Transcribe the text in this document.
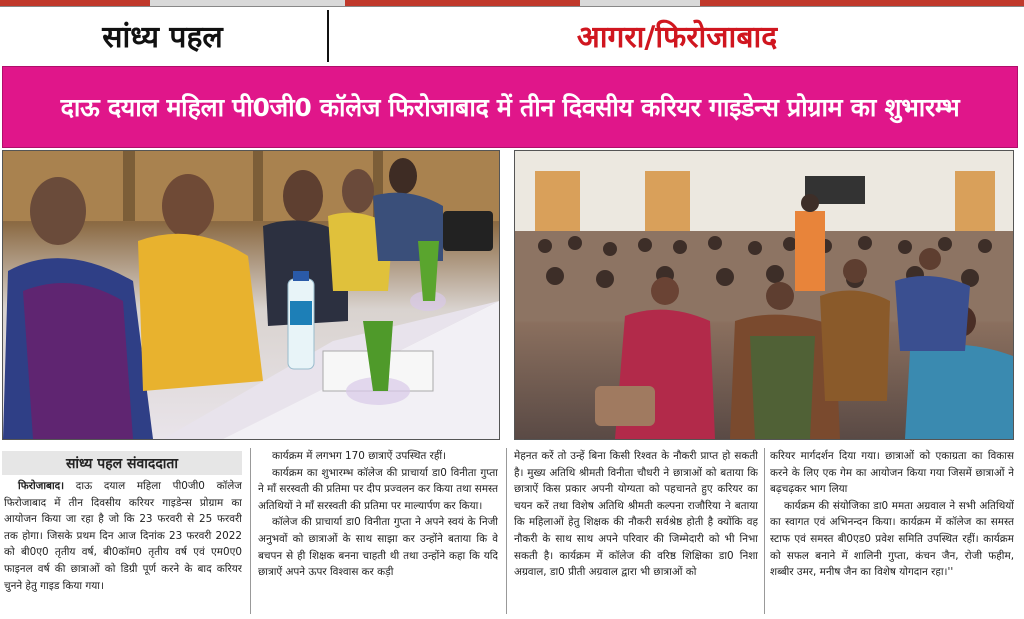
सांध्य पहल	आगरा/फिरोजाबाद
दाऊ दयाल महिला पी0जी0 कॉलेज फिरोजाबाद में तीन दिवसीय करियर गाइडेन्स प्रोग्राम का शुभारम्भ
सांध्य पहल संवाददाता

फिरोजाबाद। दाऊ दयाल महिला पी0जी0 कॉलेज फिरोजाबाद में तीन दिवसीय करियर गाइडेन्स प्रोग्राम का आयोजन किया जा रहा है जो कि 23 फरवरी से 25 फरवरी तक होगा। जिसके प्रथम दिन आज दिनांक 23 फरवरी 2022 को बी0ए0 तृतीय वर्ष, बी0कॉम0 तृतीय वर्ष एवं एम0ए0 फाइनल वर्ष की छात्राओं को डिग्री पूर्ण करने के बाद करियर चुनने हेतु गाइड किया गया।

कार्यक्रम में लगभग 170 छात्राऐं उपस्थित रहीं।

कार्यक्रम का शुभारम्भ कॉलेज की प्राचार्या डा0 विनीता गुप्ता ने माँ सरस्वती की प्रतिमा पर दीप प्रज्वलन कर किया तथा समस्त अतिथियों ने माँ सरस्वती की प्रतिमा पर माल्यार्पण कर किया।

कॉलेज की प्राचार्या डा0 विनीता गुप्ता ने अपने स्वयं के निजी अनुभवों को छात्राओं के साथ साझा कर उन्होंने बताया कि वे बचपन से ही शिक्षक बनना चाहती थी तथा उन्होंने कहा कि यदि छात्राऐं अपने ऊपर विश्वास कर कड़ी

मेहनत करें तो उन्हें बिना किसी रिश्वत के नौकरी प्राप्त हो सकती है। मुख्य अतिथि श्रीमती विनीता चौधरी ने छात्राओं को बताया कि छात्राऐं किस प्रकार अपनी योग्यता को पहचानते हुए करियर का चयन करें तथा विशेष अतिथि श्रीमती कल्पना राजौरिया ने बताया कि महिलाओं हेतु शिक्षक की नौकरी सर्वश्रेष्ठ होती है क्योंकि वह नौकरी के साथ साथ अपने परिवार की जिम्मेदारी को भी निभा सकती है। कार्यक्रम में कॉलेज की वरिष्ठ शिक्षिका डा0 निशा अग्रवाल, डा0 प्रीती अग्रवाल द्वारा भी छात्राओं को

करियर मार्गदर्शन दिया गया। छात्राओं को एकाग्रता का विकास करने के लिए एक गेम का आयोजन किया गया जिसमें छात्राओं ने बढ़चढ़कर भाग लिया

कार्यक्रम की संयोजिका डा0 ममता अग्रवाल ने सभी अतिथियों का स्वागत एवं अभिनन्दन किया। कार्यक्रम में कॉलेज का समस्त स्टाफ एवं समस्त बी0एड0 प्रवेश समिति उपस्थित रहीं। कार्यक्रम को सफल बनाने में शालिनी गुप्ता, कंचन जैन, रोजी फहीम, शब्बीर उमर, मनीष जैन का विशेष योगदान रहा।''
